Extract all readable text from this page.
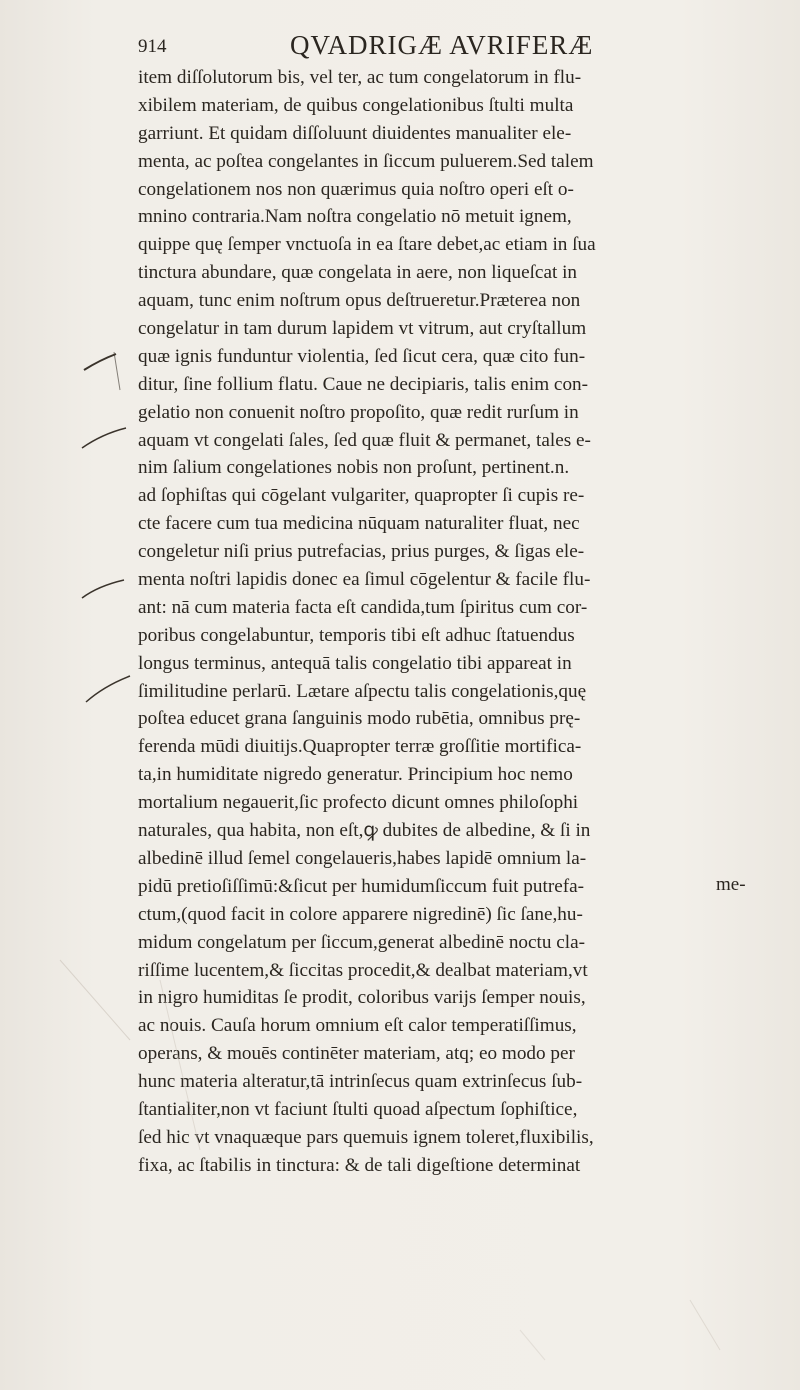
914	QVADRIGÆ AVRIFERÆ
item diſſolutorum bis, vel ter, ac tum congelatorum in flu-
xibilem materiam, de quibus congelationibus ſtulti multa
garriunt. Et quidam diſſoluunt diuidentes manualiter ele-
menta, ac poſtea congelantes in ſiccum puluerem.Sed talem
congelationem nos non quærimus quia noſtro operi eſt o-
mnino contraria.Nam noſtra congelatio nō metuit ignem,
quippe quę ſemper vnctuoſa in ea ſtare debet,ac etiam in ſua
tinctura abundare, quæ congelata in aere, non liqueſcat in
aquam, tunc enim noſtrum opus deſtrueretur.Præterea non
congelatur in tam durum lapidem vt vitrum, aut cryſtallum
quæ ignis funduntur violentia, ſed ſicut cera, quæ cito fun-
ditur, ſine follium flatu. Caue ne decipiaris, talis enim con-
gelatio non conuenit noſtro propoſito, quæ redit rurſum in
aquam vt congelati ſales, ſed quæ fluit & permanet, tales e-
nim ſalium congelationes nobis non proſunt, pertinent.n.
ad ſophiſtas qui cōgelant vulgariter, quapropter ſi cupis re-
cte facere cum tua medicina nūquam naturaliter fluat, nec
congeletur niſi prius putrefacias, prius purges, & ſigas ele-
menta noſtri lapidis donec ea ſimul cōgelentur & facile flu-
ant: nā cum materia facta eſt candida,tum ſpiritus cum cor-
poribus congelabuntur, temporis tibi eſt adhuc ſtatuendus
longus terminus, antequā talis congelatio tibi appareat in
ſimilitudine perlarū. Lætare aſpectu talis congelationis,quę
poſtea educet grana ſanguinis modo rubētia, omnibus prę-
ferenda mūdi diuitijs.Quapropter terræ groſſitie mortifica-
ta,in humiditate nigredo generatur. Principium hoc nemo
mortalium negauerit,ſic profecto dicunt omnes philoſophi
naturales, qua habita, non eſt,ꝙ dubites de albedine, & ſi in
albedinē illud ſemel congelaueris,habes lapidē omnium la-
pidū pretioſiſſimū:&ſicut per humidumſiccum fuit putrefa-
ctum,(quod facit in colore apparere nigredinē) ſic ſane,hu-
midum congelatum per ſiccum,generat albedinē noctu cla-
riſſime lucentem,& ſiccitas procedit,& dealbat materiam,vt
in nigro humiditas ſe prodit, coloribus varijs ſemper nouis,
ac nouis. Cauſa horum omnium eſt calor temperatiſſimus,
operans, & mouēs continēter materiam, atq; eo modo per
hunc materia alteratur,tā intrinſecus quam extrinſecus ſub-
ſtantialiter,non vt faciunt ſtulti quoad aſpectum ſophiſtice,
ſed hic vt vnaquæque pars quemuis ignem toleret,fluxibilis,
fixa, ac ſtabilis in tinctura: & de tali digeſtione determinat
me-
